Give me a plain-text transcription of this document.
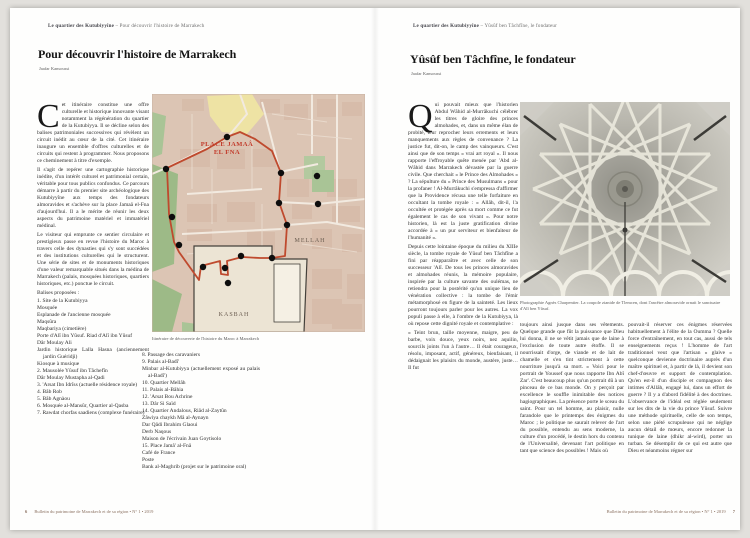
Le quartier des Kutubiyyîne – Pour découvrir l'histoire de Marrakech
Pour découvrir l'histoire de Marrakech
Jaafar Kansoussi

Cet itinéraire constitue une offre culturelle et historique innovante visant notamment la régénération du quartier de la Kutubiyya. Il se décline selon des balises patrimoniales successives qui révèlent un circuit inédit au cœur de la cité. Cet itinéraire inaugure un ensemble d'offres culturelles et de circuits qui restent à programmer. Nous proposons ce cheminement à titre d'exemple.

Il s'agit de repérer une cartographie historique inédite, d'un intérêt culturel et patrimonial certain, véritable pour tous publics confondus. Ce parcours démarre à partir du premier site archéologique des Kutubiyyîne aux temps des fondateurs almoravides et s'achève sur la place Jamaâ el-Fna d'aujourd'hui. Il a le mérite de réunir les deux aspects du patrimoine matériel et immatériel médinal.

Le visiteur qui emprunte ce sentier circulaire et prestigieux passe en revue l'histoire du Maroc à travers celle des dynasties qui s'y sont succédées et des institutions culturelles qui le structurent. Une série de sites et de monuments historiques d'une valeur remarquable situés dans la médina de Marrakech (palais, mosquées historiques, quartiers historiques, etc.) ponctue le circuit.

Balises proposées :
1. Site de la Kutubiyya
Mosquée
Esplanade de l'ancienne mosquée
Maqsûra
Maqbariya (cimetière)
Porte d'Alî ibn Yûsuf. Riad d'Alî ibn Yûsuf
Dâr Moulay Ali
Jardin historique Lalla Hasna (anciennement jardin Guéridji)
Kiosque à musique
2. Mausolée Yûsuf ibn Tâchefîn
Dâr Moulay Mustapha al-Qadi
3. 'Arsat Ibn Idrîss (actuelle résidence royale)
4. Bâb Rob
5. Bâb Agnàou
6. Mosquée al-Mansûr, Quartier al-Qasba
7. Rawdat chorfas saadiens (complexe funéraire)
PLACE JAMAÂ
EL FNA
MELLAH
KASBAH
Itinéraire de découverte de l'histoire du Maroc à Marrakech
8. Passage des caravaniers
9. Palais al-Badî'
Minbar al-Kutubiyya (actuellement exposé au palais al-Badî')
10. Quartier Mellâh
11. Palais al-Bâhia
12. 'Arsat Bou Achrine
13. Dâr Si Saïd
14. Quartier Andalous, Riâd al-Zaytûn
Zâwiya chaykh Mâ al-Aynayn
Dar Qâdi Ibrahim Glaoui
Derb Naqous
Maison de l'écrivain Juan Goytisolo
15. Place Jamâ' al-Fnâ
Café de France
Poste
Bank al-Maghrib (projet sur le patrimoine oral)
6 Bulletin du patrimoine de Marrakech et de sa région • N° 1 • 2019
Le quartier des Kutubiyyîne – Yûsûf ben Tâchfîne, le fondateur
Yûsûf ben Tâchfîne, le fondateur
Jaafar Kansoussi

Qui pouvait mieux que l'historien Abdul Wâhid al-Murrâkuchi célébrer les titres de gloire des princes almohades, et, dans un même élan de probité, leur reprocher leurs errements et leurs manquements aux règles de convenance ? La justice fut, dit-on, le camp des vainqueurs. C'est ainsi que de son temps « vrai art royal ». Il nous rapporte l'effroyable quête menée par 'Abd al-Wâhid dans Marrakech dévastée par la guerre civile. Que cherchait « le Prince des Almohades » ? La sépulture du « Prince des Musulmans » pour la profaner ! Al-Murrâkuchi s'empressa d'affirmer que la Providence récusa une telle forfaiture en occultant la tombe royale : « Allâh, dit-il, l'a occultée et protégée après sa mort comme ce fut également le cas de son vivant ». Pour notre historien, là est la juste gratification divine accordée à « un pur serviteur et bienfaiteur de l'humanité ».

Depuis cette lointaine époque du milieu du XIIIe siècle, la tombe royale de Yûsuf ben Tâchfîne a fini par réapparaître et avec celle de son successeur 'Alî. De tous les princes almoravides et almohades réunis, la mémoire populaire, inspirée par la culture savante des oulémas, ne retiendra pour la postérité qu'un unique lieu de vénération collective : la tombe de l'émir métamorphosé en figure de la sainteté. Les lieux pourront toujours parler pour les autres. La vox populi passe à elle, à l'ombre de la Kutubiyya, là où repose cette dignité royale et contemplative :

« Teint brun, taille moyenne, maigre, peu de barbe, voix douce, yeux noirs, nez aquilin, sourcils joints l'un à l'autre… Il était courageux, résolu, imposant, actif, généreux, bienfaisant, il dédaignait les plaisirs du monde, austère, juste… Il fut

Photographie Agnès Charpentier. La coupole zianide de Tlemcen, dont l'ancêtre almoravide ornait le sanctuaire d'Alî ben Yûsuf.

toujours ainsi jusque dans ses vêtements. Quelque grande que fût la puissance que Dieu lui donna, il ne se vêtit jamais que de laine à l'exclusion de toute autre étoffe. Il se nourrissait d'orge, de viande et de lait de chamelle et s'en tint strictement à cette nourriture jusqu'à sa mort. » Voici pour le portrait de Youssef que nous rapporte Ibn Abî Zar'. C'est beaucoup plus qu'un portrait dû à un pinceau de ce bas monde. On y perçoit par excellence le souffle inimitable des notices hagiographiques. La présence porte le sceau du saint. Pour un tel homme, au plaisir, nulle farandole que le printemps des énigmes du Maroc ; le politique ne saurait relever de l'art du possible, entendu au sens moderne, la culture d'un procédé, le destin hors du contenu de l'Universalité, devenant l'art politique en tant que science des possibles ! Mais où

pouvait-il réserver ces énigmes réservées habituellement à l'élite de la Oumma ? Quelle force d'entraînement, en tout cas, aussi de tels enseignements reçus ! L'homme de l'art traditionnel veut que l'artisan « glaive » quelconque devienne doctrinaire auprès d'un maître spirituel et, à partir de là, il devient son chef-d'œuvre et support de contemplation. Qu'en est-il d'un disciple et compagnon des intimes d'Allâh, engagé lui, dans un effort de guerre ? Il y a d'abord fidélité à des doctrines. L'observance de l'idéal est réglée seulement sur les dits de la vie du prince Yûsuf. Suivre une méthode spirituelle, celle de son temps, selon une piété scrupuleuse qui ne néglige aucun détail de mœurs, encore redonner la tunique de laine (dhikr al-wird), porter un turban. Se désemplir de ce qui est autre que Dieu et néanmoins régner sur

Bulletin du patrimoine de Marrakech et de sa région • N° 1 • 2019 7
